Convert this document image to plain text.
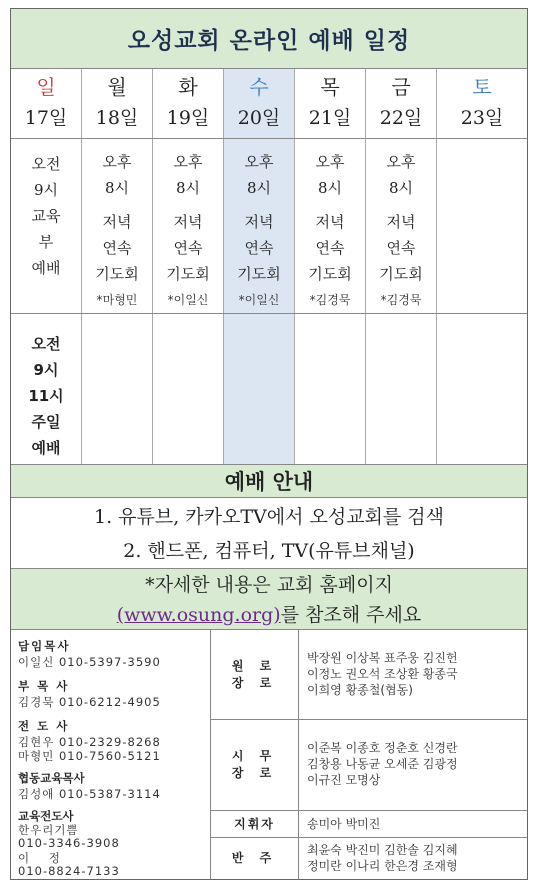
오성교회 온라인 예배 일정
일
17일
오전
9시
교육
부
예배
오전
9시
11시
주일
예배
월
18일
오후
8시
저녁
연속
기도회
*마형민
화
19일
오후
8시
저녁
연속
기도회
*이일신
수
20일
오후
8시
저녁
연속
기도회
*이일신
목
21일
오후
8시
저녁
연속
기도회
*김경묵
금
22일
오후
8시
저녁
연속
기도회
*김경묵
토
23일
예배 안내
1. 유튜브, 카카오TV에서 오성교회를 검색
2. 핸드폰, 컴퓨터, TV(유튜브채널)
*자세한 내용은 교회 홈페이지
(www.osung.org)를 참조해 주세요
담임목사
이일신 010-5397-3590
부 목 사
김경묵 010-6212-4905
전 도 사
김현우 010-2329-8268
마형민 010-7560-5121
협동교육목사
김성애 010-5387-3114
교육전도사
한우리기쁨
010-3346-3908
이    정
010-8824-7133
원 로
장 로
박장원 이상복 표주웅 김진헌
이정노 권오석 조상환 황종국
이희영 황종철(협동)
시 무
장 로
이준복 이종호 정춘호 신경란
김창용 나동균 오세준 김광정
이규진 모명상
지휘자	송미아 박미진
반 주
최윤숙 박진미 김한솔 김지혜
정미란 이나리 한은경 조재형
